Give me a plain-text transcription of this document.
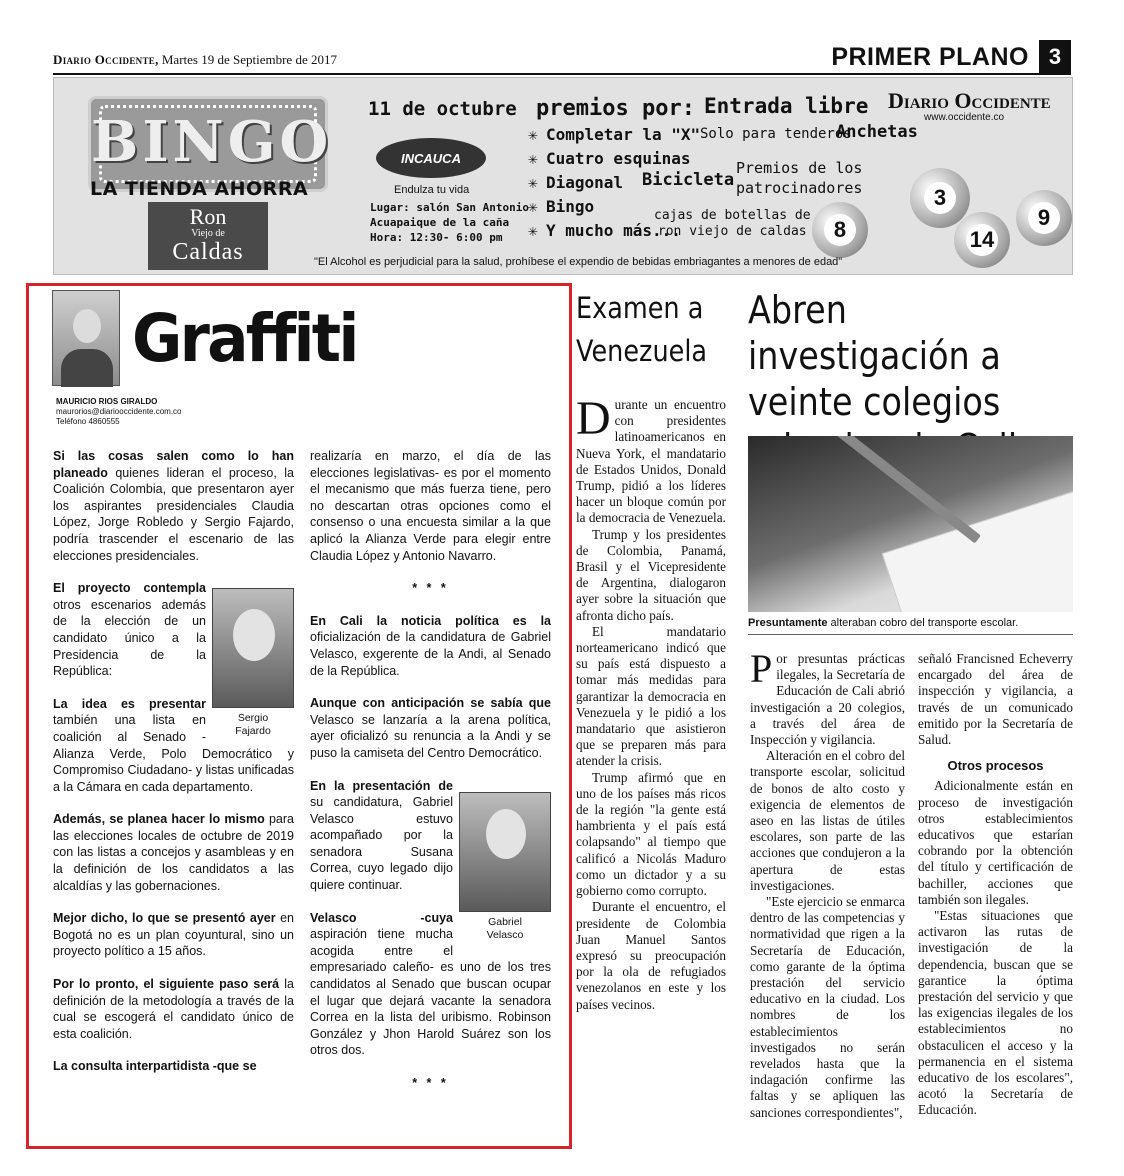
Diario Occidente, Martes 19 de Septiembre de 2017	PRIMER PLANO 3
BINGO
LA TIENDA AHORRA
Ron
Viejo de
Caldas
11 de octubre
INCAUCA
Endulza tu vida
Lugar: salón San Antonio
Acuapaique de la caña
Hora: 12:30- 6:00 pm
premios por:
✳ Completar la "X"
✳ Cuatro esquinas
✳ Diagonal
✳ Bingo
✳ Y mucho más...
Entrada libre
Solo para tenderos
Anchetas
Bicicleta
Premios de los
patrocinadores
cajas de botellas de
ron viejo de caldas
Diario Occidente
www.occidente.co
3
8	14
9
"El Alcohol es perjudicial para la salud, prohíbese el expendio de bebidas embriagantes a menores de edad"
Graffiti
MAURICIO RIOS GIRALDO
maurorios@diariooccidente.com.co
Teléfono 4860555

Si las cosas salen como lo han planeado quienes lideran el proceso, la Coalición Colombia, que presentaron ayer los aspirantes presidenciales Claudia López, Jorge Robledo y Sergio Fajardo, podría trascender el escenario de las elecciones presidenciales.

Sergio
Fajardo

El proyecto contempla otros escenarios además de la elección de un candidato único a la Presidencia de la República:

La idea es presentar también una lista en coalición al Senado - Alianza Verde, Polo Democrático y Compromiso Ciudadano- y listas unificadas a la Cámara en cada departamento.

Además, se planea hacer lo mismo para las elecciones locales de octubre de 2019 con las listas a concejos y asambleas y en la definición de los candidatos a las alcaldías y las gobernaciones.

Mejor dicho, lo que se presentó ayer en Bogotá no es un plan coyuntural, sino un proyecto político a 15 años.

Por lo pronto, el siguiente paso será la definición de la metodología a través de la cual se escogerá el candidato único de esta coalición.

La consulta interpartidista -que se

realizaría en marzo, el día de las elecciones legislativas- es por el momento el mecanismo que más fuerza tiene, pero no descartan otras opciones como el consenso o una encuesta similar a la que aplicó la Alianza Verde para elegir entre Claudia López y Antonio Navarro.

* * *

En Cali la noticia política es la oficialización de la candidatura de Gabriel Velasco, exgerente de la Andi, al Senado de la República.

Aunque con anticipación se sabía que Velasco se lanzaría a la arena política, ayer oficializó su renuncia a la Andi y se puso la camiseta del Centro Democrático.

Gabriel
Velasco

En la presentación de su candidatura, Gabriel Velasco estuvo acompañado por la senadora Susana Correa, cuyo legado dijo quiere continuar.

Velasco -cuya aspiración tiene mucha acogida entre el empresariado caleño- es uno de los tres candidatos al Senado que buscan ocupar el lugar que dejará vacante la senadora Correa en la lista del uribismo. Robinson González y Jhon Harold Suárez son los otros dos.

* * *
Examen a Venezuela

Durante un encuentro con presidentes latinoamericanos en Nueva York, el mandatario de Estados Unidos, Donald Trump, pidió a los líderes hacer un bloque común por la democracia de Venezuela.

Trump y los presidentes de Colombia, Panamá, Brasil y el Vicepresidente de Argentina, dialogaron ayer sobre la situación que afronta dicho país.

El mandatario norteamericano indicó que su país está dispuesto a tomar más medidas para garantizar la democracia en Venezuela y le pidió a los mandatario que asistieron que se preparen más para atender la crisis.

Trump afirmó que en uno de los países más ricos de la región "la gente está hambrienta y el país está colapsando" al tiempo que calificó a Nicolás Maduro como un dictador y a su gobierno como corrupto.

Durante el encuentro, el presidente de Colombia Juan Manuel Santos expresó su preocupación por la ola de refugiados venezolanos en este y los países vecinos.

Abren investigación a veinte colegios
Presuntamente alteraban cobro del transporte escolar.

Por presuntas prácticas ilegales, la Secretaría de Educación de Cali abrió investigación a 20 colegios, a través del área de Inspección y vigilancia.

Alteración en el cobro del transporte escolar, solicitud de bonos de alto costo y exigencia de elementos de aseo en las listas de útiles escolares, son parte de las acciones que condujeron a la apertura de estas investigaciones.

"Este ejercicio se enmarca dentro de las competencias y normatividad que rigen a la Secretaría de Educación, como garante de la óptima prestación del servicio educativo en la ciudad. Los nombres de los establecimientos investigados no serán revelados hasta que la indagación confirme las faltas y se apliquen las sanciones correspondientes",

señaló Francisned Echeverry encargado del área de inspección y vigilancia, a través de un comunicado emitido por la Secretaría de Salud.

Otros procesos

Adicionalmente están en proceso de investigación otros establecimientos educativos que estarían cobrando por la obtención del título y certificación de bachiller, acciones que también son ilegales.

"Estas situaciones que activaron las rutas de investigación de la dependencia, buscan que se garantice la óptima prestación del servicio y que las exigencias ilegales de los establecimientos no obstaculicen el acceso y la permanencia en el sistema educativo de los escolares", acotó la Secretaría de Educación.
